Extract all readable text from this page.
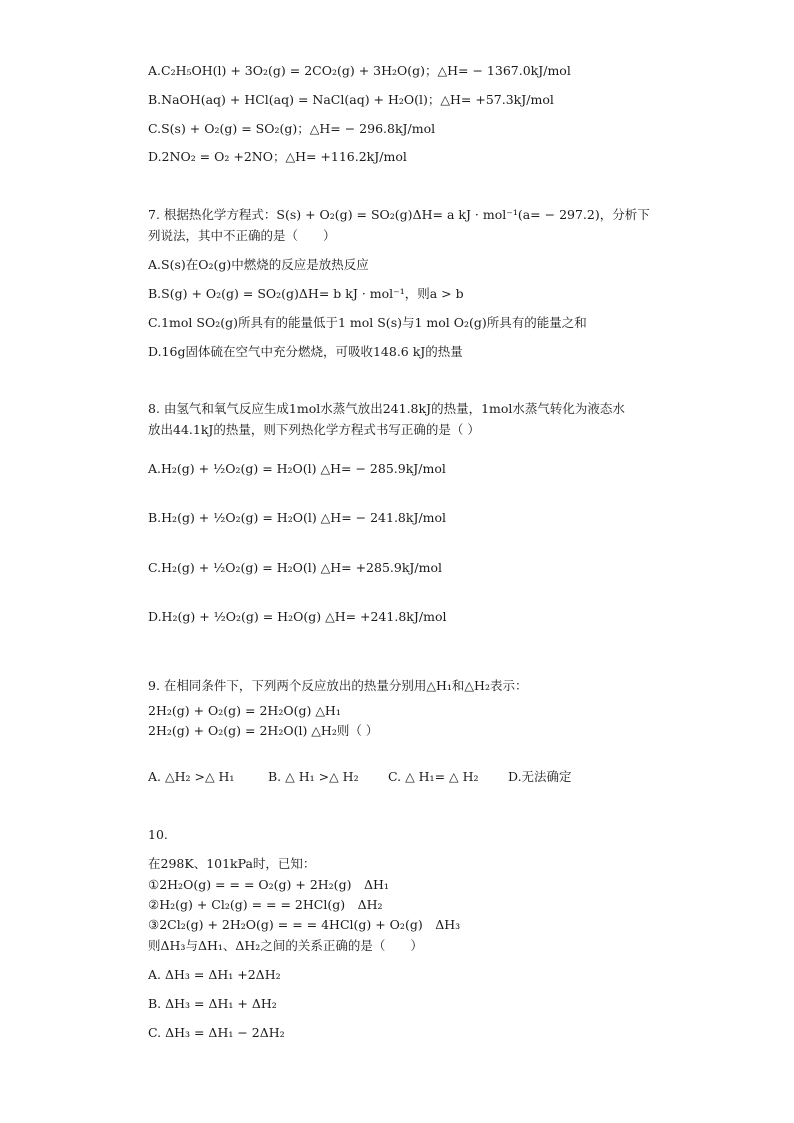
A.C₂H₅OH(l) + 3O₂(g) = 2CO₂(g) + 3H₂O(g)；△H= − 1367.0kJ/mol
B.NaOH(aq) + HCl(aq) = NaCl(aq) + H₂O(l)；△H= +57.3kJ/mol
C.S(s) + O₂(g) = SO₂(g)；△H= − 296.8kJ/mol
D.2NO₂ = O₂ +2NO；△H= +116.2kJ/mol
7. 根据热化学方程式：S(s) + O₂(g) = SO₂(g)ΔH= a kJ · mol⁻¹(a= − 297.2)，分析下
列说法，其中不正确的是（　　）
A.S(s)在O₂(g)中燃烧的反应是放热反应
B.S(g) + O₂(g) = SO₂(g)ΔH= b kJ · mol⁻¹，则a > b
C.1mol SO₂(g)所具有的能量低于1 mol S(s)与1 mol O₂(g)所具有的能量之和
D.16g固体硫在空气中充分燃烧，可吸收148.6 kJ的热量
8. 由氢气和氧气反应生成1mol水蒸气放出241.8kJ的热量，1mol水蒸气转化为液态水
放出44.1kJ的热量，则下列热化学方程式书写正确的是（ ）
A.H₂(g) + ½O₂(g) = H₂O(l) △H= − 285.9kJ/mol
B.H₂(g) + ½O₂(g) = H₂O(l) △H= − 241.8kJ/mol
C.H₂(g) + ½O₂(g) = H₂O(l) △H= +285.9kJ/mol
D.H₂(g) + ½O₂(g) = H₂O(g) △H= +241.8kJ/mol
9. 在相同条件下，下列两个反应放出的热量分别用△H₁和△H₂表示：
2H₂(g) + O₂(g) = 2H₂O(g) △H₁
2H₂(g) + O₂(g) = 2H₂O(l) △H₂则（ ）
A. △H₂ >△ H₁	B. △ H₁ >△ H₂	C. △ H₁= △ H₂	D.无法确定
10.
在298K、101kPa时，已知：
①2H₂O(g) = = = O₂(g) + 2H₂(g)　ΔH₁
②H₂(g) + Cl₂(g) = = = 2HCl(g)　ΔH₂
③2Cl₂(g) + 2H₂O(g) = = = 4HCl(g) + O₂(g)　ΔH₃
则ΔH₃与ΔH₁、ΔH₂之间的关系正确的是（　　）
A. ΔH₃ = ΔH₁ +2ΔH₂
B. ΔH₃ = ΔH₁ + ΔH₂
C. ΔH₃ = ΔH₁ − 2ΔH₂
